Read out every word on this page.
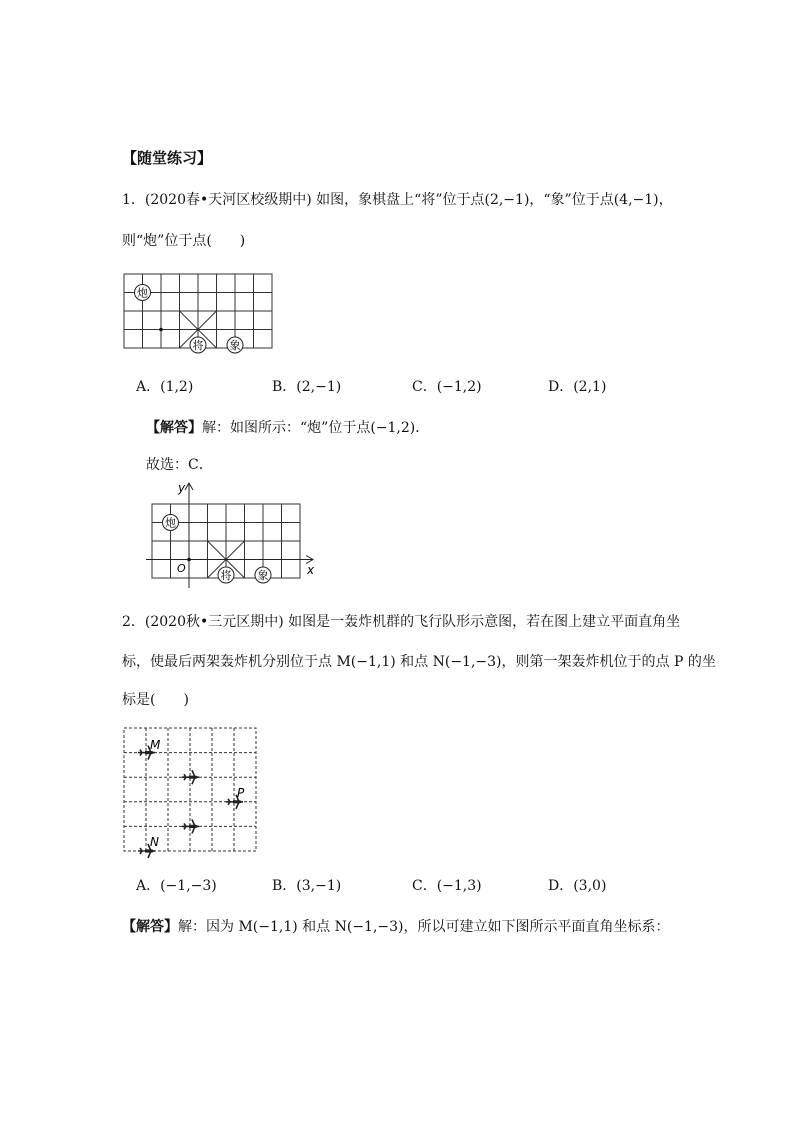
【随堂练习】
1．(2020春•天河区校级期中) 如图，象棋盘上“将”位于点(2,−1)，“象”位于点(4,−1)，
则“炮”位于点(　　)
炮
将 象
A．(1,2)	B．(2,−1)	C．(−1,2)	D．(2,1)
【解答】解：如图所示：“炮”位于点(−1,2)．
故选：C．
y
x
O
炮
将 象
2．(2020秋•三元区期中) 如图是一轰炸机群的飞行队形示意图，若在图上建立平面直角坐
标，使最后两架轰炸机分别位于点 M(−1,1) 和点 N(−1,−3)，则第一架轰炸机位于的点 P 的坐
标是(　　)
M
P
N
A．(−1,−3)	B．(3,−1)	C．(−1,3)	D．(3,0)
【解答】解：因为 M(−1,1) 和点 N(−1,−3)，所以可建立如下图所示平面直角坐标系：
